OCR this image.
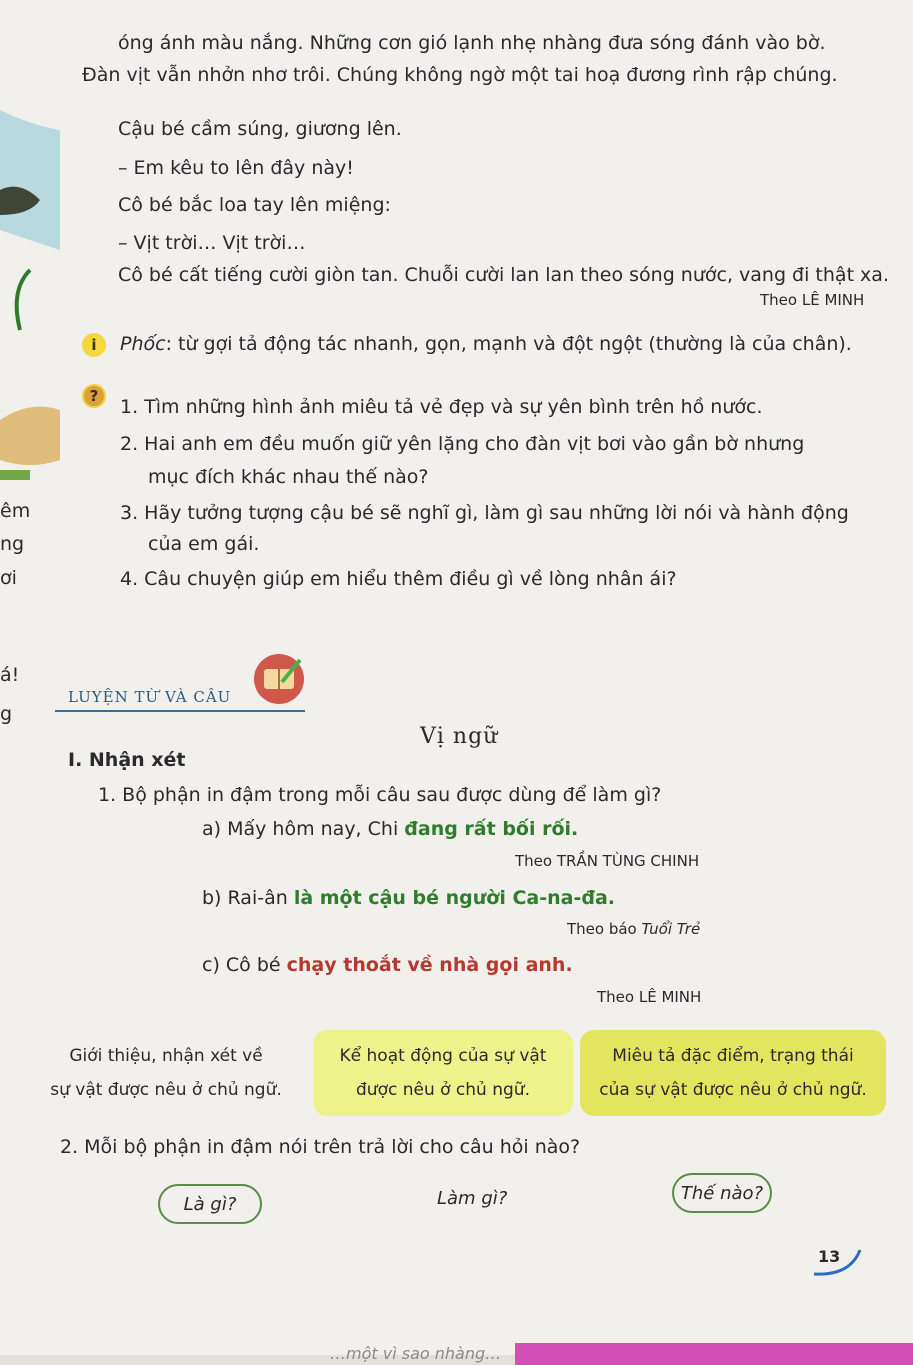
êm
ng
ơi
á!
g
óng ánh màu nắng. Những cơn gió lạnh nhẹ nhàng đưa sóng đánh vào bờ.
Đàn vịt vẫn nhởn nhơ trôi. Chúng không ngờ một tai hoạ đương rình rập chúng.
Cậu bé cầm súng, giương lên.
– Em kêu to lên đây này!
Cô bé bắc loa tay lên miệng:
– Vịt trời… Vịt trời…
Cô bé cất tiếng cười giòn tan. Chuỗi cười lan lan theo sóng nước, vang đi thật xa.
Theo LÊ MINH
i	Phốc: từ gợi tả động tác nhanh, gọn, mạnh và đột ngột (thường là của chân).
?	1. Tìm những hình ảnh miêu tả vẻ đẹp và sự yên bình trên hồ nước.
2. Hai anh em đều muốn giữ yên lặng cho đàn vịt bơi vào gần bờ nhưng
mục đích khác nhau thế nào?
3. Hãy tưởng tượng cậu bé sẽ nghĩ gì, làm gì sau những lời nói và hành động
của em gái.
4. Câu chuyện giúp em hiểu thêm điều gì về lòng nhân ái?
LUYỆN TỪ VÀ CÂU
Vị ngữ
I. Nhận xét
1. Bộ phận in đậm trong mỗi câu sau được dùng để làm gì?
a) Mấy hôm nay, Chi đang rất bối rối.
Theo TRẦN TÙNG CHINH
b) Rai-ân là một cậu bé người Ca-na-đa.
Theo báo Tuổi Trẻ
c) Cô bé chạy thoắt về nhà gọi anh.
Theo LÊ MINH
Giới thiệu, nhận xét về
sự vật được nêu ở chủ ngữ.
Kể hoạt động của sự vật
được nêu ở chủ ngữ.
Miêu tả đặc điểm, trạng thái
của sự vật được nêu ở chủ ngữ.
2. Mỗi bộ phận in đậm nói trên trả lời cho câu hỏi nào?
Là gì?	Làm gì?	Thế nào?
13
…một vì sao nhàng…
